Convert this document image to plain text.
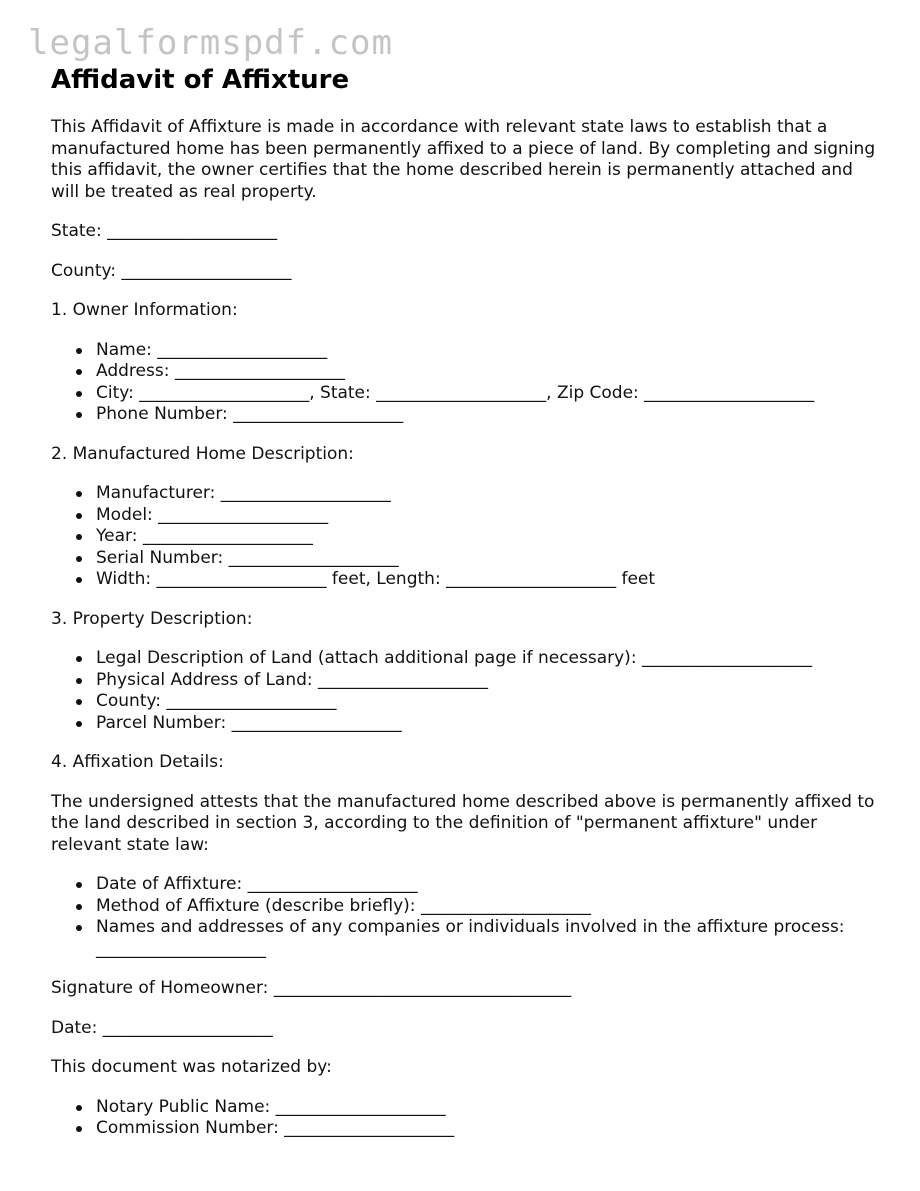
legalformspdf.com
Affidavit of Affixture

This Affidavit of Affixture is made in accordance with relevant state laws to establish that a manufactured home has been permanently affixed to a piece of land. By completing and signing this affidavit, the owner certifies that the home described herein is permanently attached and will be treated as real property.

State: ____________________

County: ____________________

1. Owner Information:

Name: ____________________
Address: ____________________
City: ____________________, State: ____________________, Zip Code: ____________________
Phone Number: ____________________

2. Manufactured Home Description:

Manufacturer: ____________________
Model: ____________________
Year: ____________________
Serial Number: ____________________
Width: ____________________ feet, Length: ____________________ feet

3. Property Description:

Legal Description of Land (attach additional page if necessary): ____________________
Physical Address of Land: ____________________
County: ____________________
Parcel Number: ____________________

4. Affixation Details:

The undersigned attests that the manufactured home described above is permanently affixed to the land described in section 3, according to the definition of "permanent affixture" under relevant state law:

Date of Affixture: ____________________
Method of Affixture (describe briefly): ____________________
Names and addresses of any companies or individuals involved in the affixture process: ____________________

Signature of Homeowner: ___________________________________

Date: ____________________

This document was notarized by:

Notary Public Name: ____________________
Commission Number: ____________________
